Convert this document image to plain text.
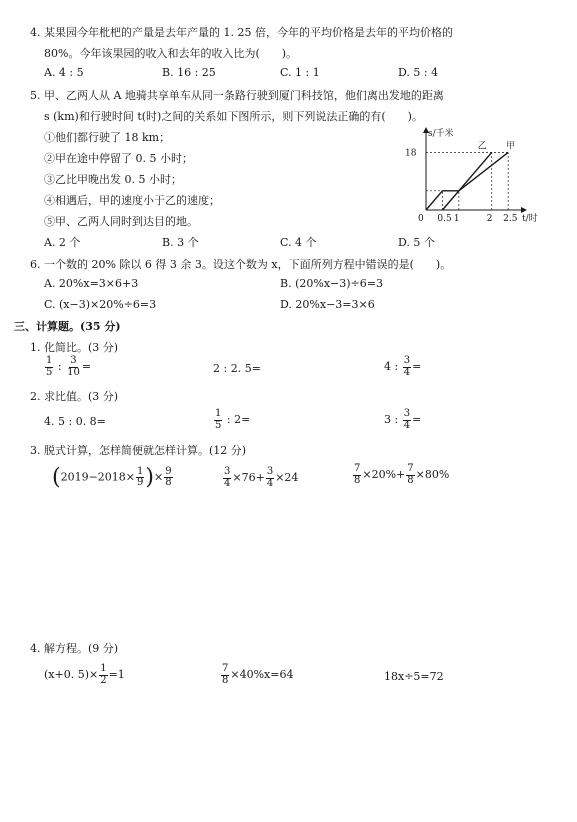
4. 某果园今年枇杷的产量是去年产量的 1. 25 倍，今年的平均价格是去年的平均价格的
80%。今年该果园的收入和去年的收入比为(　　)。
A. 4 : 5	B. 16 : 25	C. 1 : 1	D. 5 : 4
5. 甲、乙两人从 A 地骑共享单车从同一条路行驶到厦门科技馆，他们离出发地的距离
s (km)和行驶时间 t(时)之间的关系如下图所示，则下列说法正确的有(　　)。
①他们都行驶了 18 km；
②甲在途中停留了 0. 5 小时；
③乙比甲晚出发 0. 5 小时；
④相遇后，甲的速度小于乙的速度；
⑤甲、乙两人同时到达目的地。
A. 2 个	B. 3 个	C. 4 个	D. 5 个
s/千米
t/时
18
0 0.5 1	2 2.5
甲
乙
6. 一个数的 20% 除以 6 得 3 余 3。设这个数为 x，下面所列方程中错误的是(　　)。
A. 20%x=3×6+3	B. (20%x−3)÷6=3
C. (x−3)×20%÷6=3	D. 20%x−3=3×6
三、计算题。(35 分)
1. 化简比。(3 分)
$\frac{1}{5}$ : $\frac{3}{10}$ =	2 : 2. 5=	4 : $\frac{3}{4}$ =
2. 求比值。(3 分)
4. 5 : 0. 8=	$\frac{1}{5}$ : 2=	3 : $\frac{3}{4}$ =
3. 脱式计算，怎样简便就怎样计算。(12 分)
($2019-2018\times \frac{1}{9}$ )× $\frac{9}{8}$	$\frac{3}{4} \times 76+ \frac{3}{4} \times 24$	$\frac{7}{8} \times 20\%+ \frac{7}{8} \times 80\%$
4. 解方程。(9 分)
(x+0. $5)\times \frac{1}{2} =1$	$\frac{7}{8} \times 40\%x=64$	18x÷5=72
